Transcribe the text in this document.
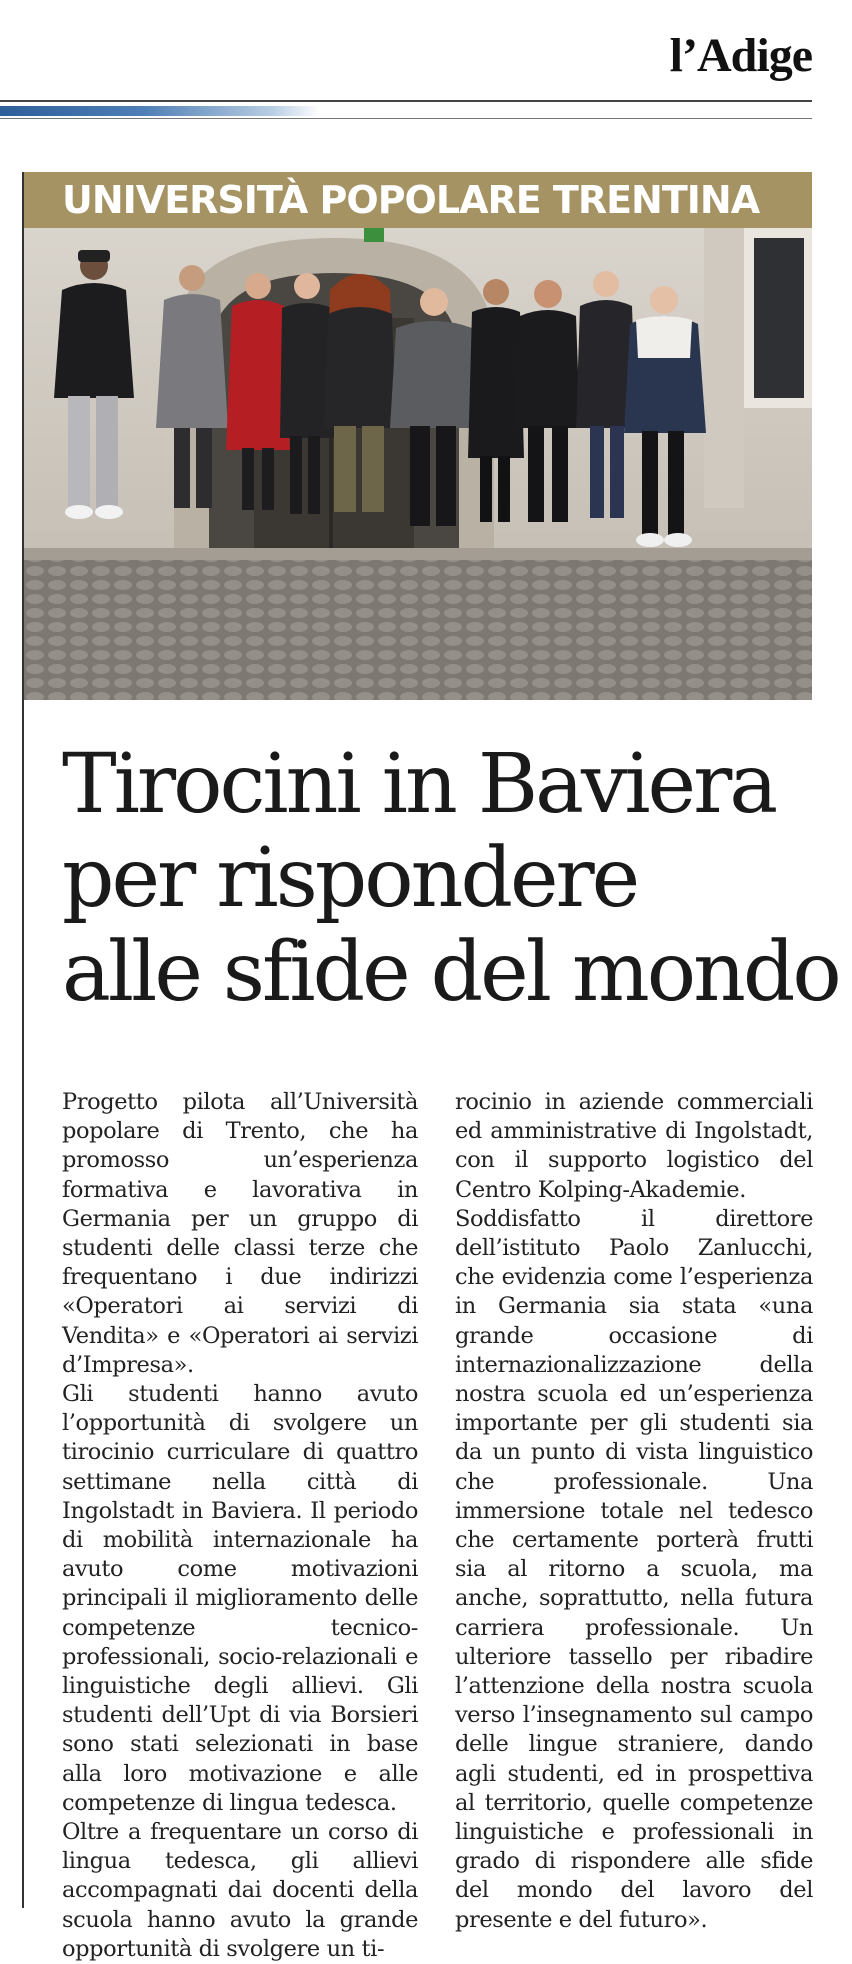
l’Adige
UNIVERSITÀ POPOLARE TRENTINA
Tirocini in Baviera
per rispondere
alle sfide del mondo

Progetto pilota all’Università popolare di Trento, che ha promosso un’esperienza formativa e lavorativa in Germania per un gruppo di studenti delle classi terze che frequentano i due indirizzi «Operatori ai servizi di Vendita» e «Operatori ai servizi d’Impresa».

Gli studenti hanno avuto l’opportunità di svolgere un tirocinio curriculare di quattro settimane nella città di Ingolstadt in Baviera. Il periodo di mobilità internazionale ha avuto come motivazioni principali il miglioramento delle competenze tecnico-professionali, socio-relazionali e linguistiche degli allievi. Gli studenti dell’Upt di via Borsieri sono stati selezionati in base alla loro motivazione e alle competenze di lingua tedesca.

Oltre a frequentare un corso di lingua tedesca, gli allievi accompagnati dai docenti della scuola hanno avuto la grande opportunità di svolgere un ti-

rocinio in aziende commerciali ed amministrative di Ingolstadt, con il supporto logistico del Centro Kolping-Akademie.

Soddisfatto il direttore dell’istituto Paolo Zanlucchi, che evidenzia come l’esperienza in Germania sia stata «una grande occasione di internazionalizzazione della nostra scuola ed un’esperienza importante per gli studenti sia da un punto di vista linguistico che professionale. Una immersione totale nel tedesco che certamente porterà frutti sia al ritorno a scuola, ma anche, soprattutto, nella futura carriera professionale. Un ulteriore tassello per ribadire l’attenzione della nostra scuola verso l’insegnamento sul campo delle lingue straniere, dando agli studenti, ed in prospettiva al territorio, quelle competenze linguistiche e professionali in grado di rispondere alle sfide del mondo del lavoro del presente e del futuro».
